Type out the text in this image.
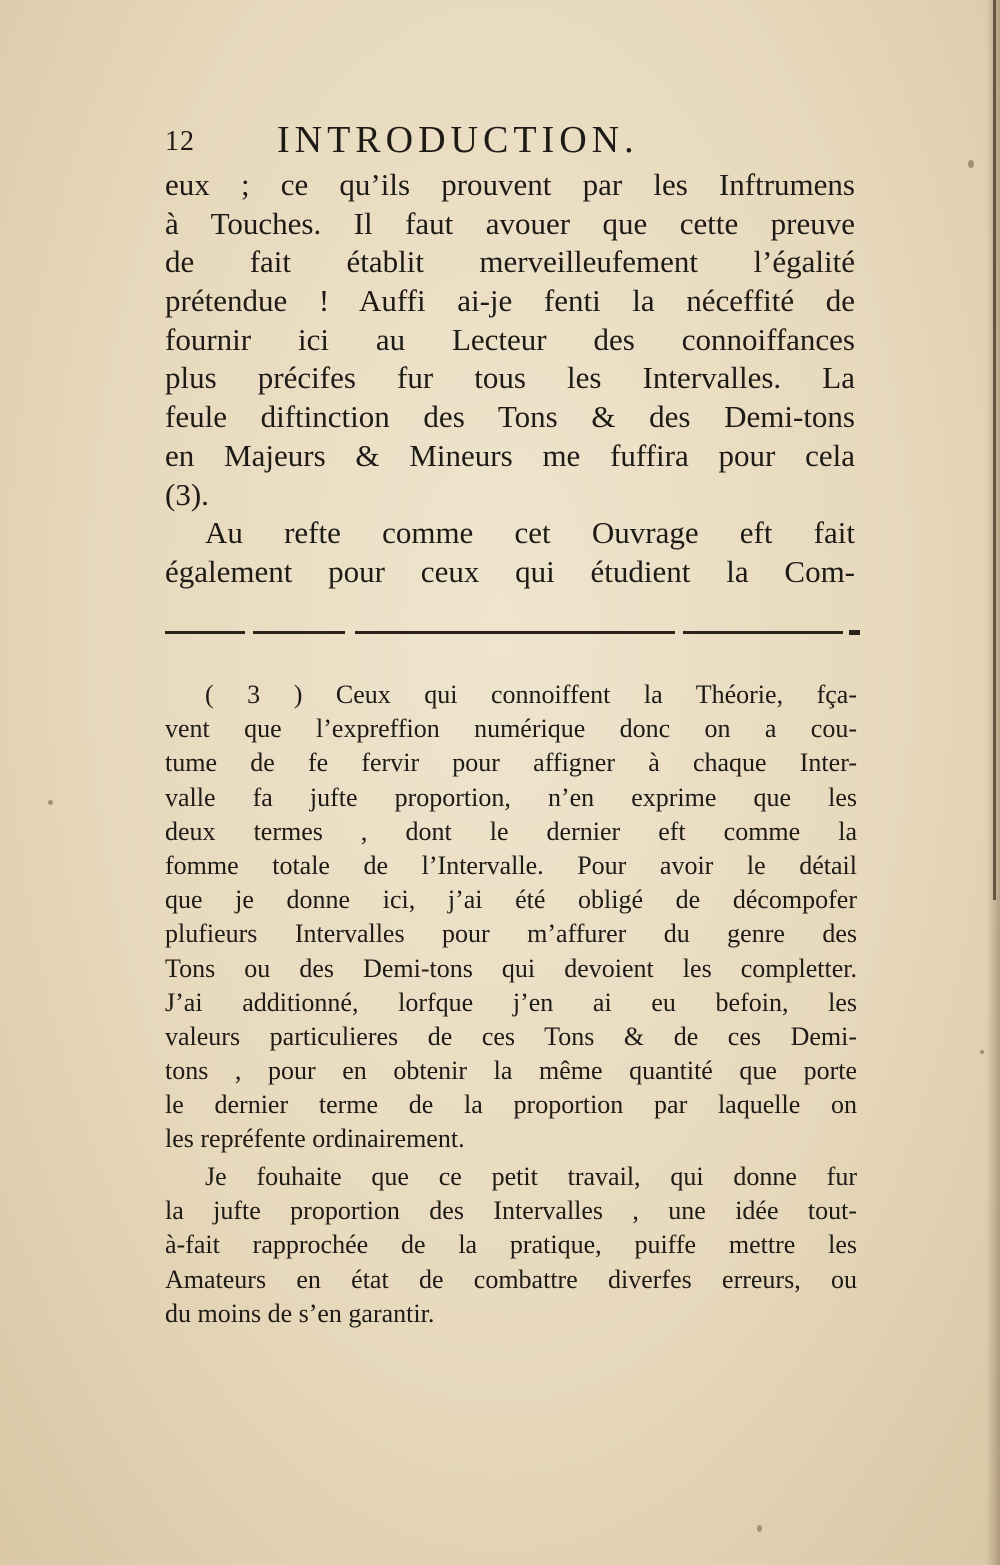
12 INTRODUCTION.
eux ; ce qu’ils prouvent par les Inftrumens
à Touches. Il faut avouer que cette preuve
de fait établit merveilleufement l’égalité
prétendue ! Auffi ai-je fenti la néceffité de
fournir ici au Lecteur des connoiffances
plus précifes fur tous les Intervalles. La
feule diftinction des Tons & des Demi-tons
en Majeurs & Mineurs me fuffira pour cela
(3).
Au refte comme cet Ouvrage eft fait
également pour ceux qui étudient la Com-
( 3 ) Ceux qui connoiffent la Théorie, fça-
vent que l’expreffion numérique donc on a cou-
tume de fe fervir pour affigner à chaque Inter-
valle fa jufte proportion, n’en exprime que les
deux termes , dont le dernier eft comme la
fomme totale de l’Intervalle. Pour avoir le détail
que je donne ici, j’ai été obligé de décompofer
plufieurs Intervalles pour m’affurer du genre des
Tons ou des Demi-tons qui devoient les completter.
J’ai additionné, lorfque j’en ai eu befoin, les
valeurs particulieres de ces Tons & de ces Demi-
tons , pour en obtenir la même quantité que porte
le dernier terme de la proportion par laquelle on
les repréfente ordinairement.
Je fouhaite que ce petit travail, qui donne fur
la jufte proportion des Intervalles , une idée tout-
à-fait rapprochée de la pratique, puiffe mettre les
Amateurs en état de combattre diverfes erreurs, ou
du moins de s’en garantir.
